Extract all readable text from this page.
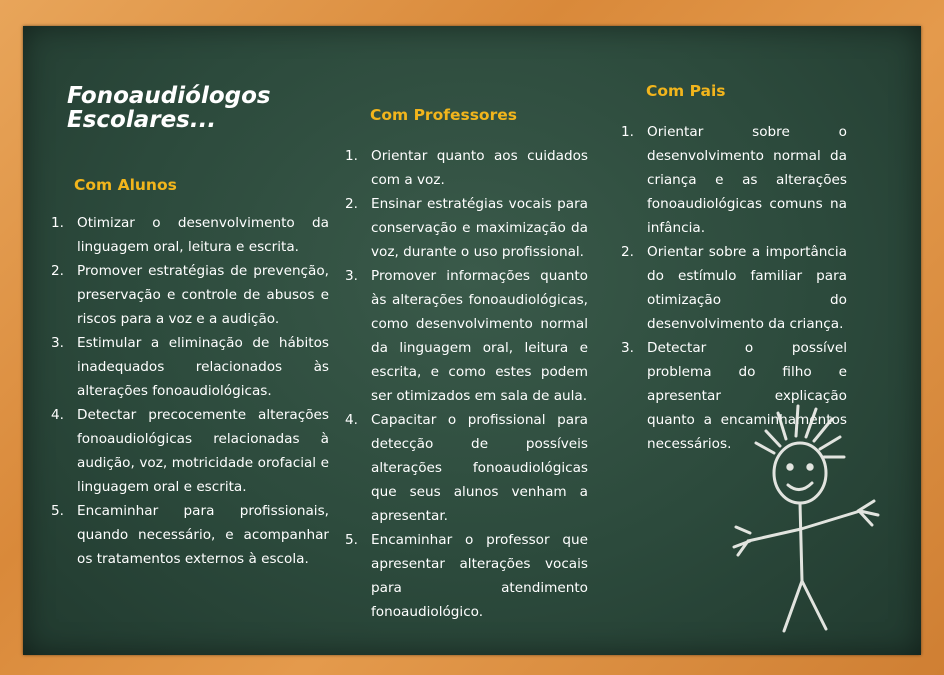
Fonoaudiólogos
Escolares...
Com Alunos
1. Otimizar o desenvolvimento da linguagem oral, leitura e escrita.
2. Promover estratégias de prevenção, preservação e controle de abusos e riscos para a voz e a audição.
3. Estimular a eliminação de hábitos inadequados relacionados às alterações fonoaudiológicas.
4. Detectar precocemente alterações fonoaudiológicas relacionadas à audição, voz, motricidade orofacial e linguagem oral e escrita.
5. Encaminhar para profissionais, quando necessário, e acompanhar os tratamentos externos à escola.
Com Professores
1. Orientar quanto aos cuidados com a voz.
2. Ensinar estratégias vocais para conservação e maximização da voz, durante o uso profissional.
3. Promover informações quanto às alterações fonoaudiológicas, como desenvolvimento normal da linguagem oral, leitura e escrita, e como estes podem ser otimizados em sala de aula.
4. Capacitar o profissional para detecção de possíveis alterações fonoaudiológicas que seus alunos venham a apresentar.
5. Encaminhar o professor que apresentar alterações vocais para atendimento fonoaudiológico.
Com Pais
1. Orientar sobre o desenvolvimento normal da criança e as alterações fonoaudiológicas comuns na infância.
2. Orientar sobre a importância do estímulo familiar para otimização do desenvolvimento da criança.
3. Detectar o possível problema do filho e apresentar explicação quanto a encaminhamentos necessários.
